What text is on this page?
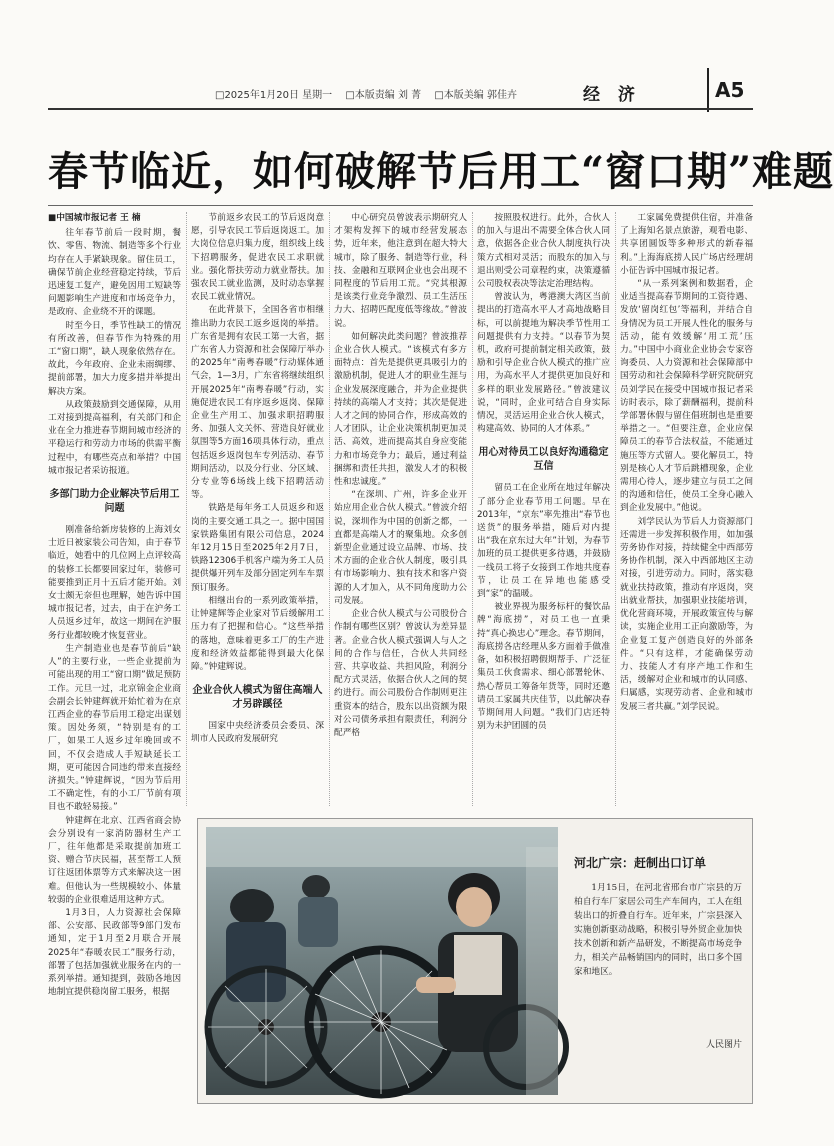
□2025年1月20日 星期一 □本版责编 刘 菁 □本版美编 郭佳卉	经 济	A5
春节临近，如何破解节后用工“窗口期”难题

■中国城市报记者 王 楠

往年春节前后一段时期，餐饮、零售、物流、制造等多个行业均存在人手紧缺现象。留住员工，确保节前企业经营稳定持续，节后迅速复工复产，避免因用工短缺等问题影响生产进度和市场竞争力，是政府、企业绕不开的课题。

时至今日，季节性缺工的情况有所改善，但春节作为特殊的用工“窗口期”，缺人现象依然存在。故此，今年政府、企业未雨绸缪、提前部署，加大力度多措并举提出解决方案。

从政策鼓励到交通保障，从用工对接到提高福利，有关部门和企业在全力推进春节期间城市经济的平稳运行和劳动力市场的供需平衡过程中，有哪些亮点和举措？中国城市报记者采访报道。

多部门助力企业解决节后用工问题

刚准备给新房装修的上海刘女士近日被家装公司告知，由于春节临近，她看中的几位网上点评较高的装修工长都要回家过年，装修可能要推到正月十五后才能开始。刘女士颇无奈但也理解，她告诉中国城市报记者，过去，由于在沪务工人员返乡过年，故这一期间在沪服务行业都较晚才恢复营业。

生产制造业也是春节前后“缺人”的主要行业，一些企业提前为可能出现的用工“窗口期”做足预防工作。元旦一过，北京锦金企业商会副会长钟建辉就开始忙着为在京江西企业的春节后用工稳定出谋划策。因处务须，“特别是有的工厂，如果工人返乡过年晚回或不回，不仅会造成人手短缺延长工期，更可能因合同违约带来直接经济损失。”钟建辉说，“因为节后用工不确定性，有的小工厂节前有项目也不敢轻易接。”

钟建辉在北京、江西省商会协会分别设有一家消防器材生产工厂，往年他都是采取提前加班工资、赠合节庆民福，甚至帮工人预订往返团体票等方式来解决这一困难。但他认为一些规模较小、体量较弱的企业很难适用这种方式。

1月3日，人力资源社会保障部、公安部、民政部等9部门发布通知，定于1月至2月联合开展2025年“春暖农民工”服务行动，部署了包括加强就业服务在内的一系列举措。通知提到，鼓励各地因地制宜提供稳岗留工服务，根据

节前返乡农民工的节后返岗意愿，引导农民工节后返岗返工。加大岗位信息归集力度，组织线上线下招聘服务，促进农民工求职就业。强化帮扶劳动力就业帮扶。加强农民工就业监测，及时动态掌握农民工就业情况。

在此背景下，全国各省市相继推出助力农民工返乡返岗的举措。广东省是拥有农民工第一大省，据广东省人力资源和社会保障厅举办的2025年“南粤春暖”行动媒体通气会，1—3月，广东省将继续组织开展2025年“南粤春暖”行动，实施促进农民工有序返乡返岗、保障企业生产用工、加强求职招聘服务、加强人文关怀、营造良好就业氛围等5方面16项具体行动，重点包括返乡返岗包车专列活动、春节期间活动，以及分行业、分区域、分专业等6场线上线下招聘活动等。

铁路是每年务工人员返乡和返岗的主要交通工具之一。据中国国家铁路集团有限公司信息，2024年12月15日至2025年2月7日，铁路12306手机客户端为务工人员提供爆开列车及部分固定列车车票预订服务。

相继出台的一系列政策举措，让钟建辉等企业家对节后缓解用工压力有了把握和信心。“这些举措的落地，意味着更多工厂的生产进度和经济效益都能得到最大化保障。”钟建辉说。

企业合伙人模式为留住高端人才另辟蹊径

国家中央经济委员会委员、深圳市人民政府发展研究

中心研究员曾波表示期研究人才架构发挥下的城市经营发展态势，近年来，他注意到在超大特大城市，除了服务、制造等行业，科技、金融和互联网企业也会出现不同程度的节后用工荒。“究其根源是该类行业竞争激烈、员工生活压力大、招聘匹配度低等缘故。”曾波说。

如何解决此类问题？曾波推荐企业合伙人模式。“该模式有多方面特点：首先是提供更具吸引力的激励机制，促进人才的职业生涯与企业发展深度融合，并为企业提供持续的高端人才支持；其次是促进人才之间的协同合作，形成高效的人才团队，让企业决策机制更加灵活、高效，进而提高其自身应变能力和市场竞争力；最后，通过利益捆绑和责任共担，激发人才的积极性和忠诚度。”

“在深圳、广州，许多企业开始应用企业合伙人模式。”曾波介绍说，深圳作为中国的创新之都，一直都是高端人才的聚集地。众多创新型企业通过设立品牌、市场、技术方面的企业合伙人制度，吸引具有市场影响力、独有技术和客户资源的人才加入，从不同角度助力公司发展。

企业合伙人模式与公司股份合作制有哪些区别？曾波认为差异显著。企业合伙人模式强调人与人之间的合作与信任，合伙人共同经营、共享收益、共担风险，利润分配方式灵活，依据合伙人之间的契约进行。而公司股份合作制则更注重资本的结合，股东以出资额为限对公司债务承担有限责任，利润分配严格

按照股权进行。此外，合伙人的加入与退出不需要全体合伙人同意，依据各企业合伙人制度执行决策方式相对灵活；而股东的加入与退出则受公司章程约束，决策遵循公司股权表决等法定治理结构。

曾波认为，粤港澳大湾区当前提出的打造高水平人才高地战略目标，可以前提地为解决季节性用工问题提供有力支持。“以春节为契机，政府可提前制定相关政策，鼓励和引导企业合伙人模式的推广应用，为高水平人才提供更加良好和多样的职业发展路径。”曾波建议说，“同时，企业可结合自身实际情况，灵活运用企业合伙人模式，构建高效、协同的人才体系。”

用心对待员工以良好沟通稳定互信

留员工在企业所在地过年解决了部分企业春节用工问题。早在2013年，“京东”率先推出“春节也送货”的服务举措，随后对内提出“我在京东过大年”计划，为春节加班的员工提供更多待遇，并鼓励一线员工将子女接到工作地共度春节，让员工在异地也能感受到“家”的温暖。

被业界视为服务标杆的餐饮品牌“海底捞”，对员工也一直秉持“真心换忠心”理念。春节期间，海底捞各店经理从多方面着手做准备，如积极招聘假期帮手、广泛征集员工伙食需求、细心部署轮休、热心帮员工筹备年货等，同时还邀请员工家属共庆佳节，以此解决春节期间用人问题。“我们门店还特别为未护团圆的员

工家属免费提供住宿，并准备了上海知名景点旅游，观看电影、共享团圆饭等多种形式的新春福利。”上海海底捞人民广场店经理胡小征告诉中国城市报记者。

“从一系列案例和数据看，企业适当提高春节期间的工资待遇、发放‘留岗红包’等福利，并结合自身情况为员工开展人性化的服务与活动，能有效缓解‘用工荒’压力。”中国中小商业企业协会专家咨询委员、人力资源和社会保障部中国劳动和社会保障科学研究院研究员刘学民在接受中国城市报记者采访时表示，除了薪酬福利，提前科学部署休假与留住倡班制也是重要举措之一。“但要注意，企业应保障员工的春节合法权益，不能通过施压等方式留人。要化解员工，特别是核心人才节后跳槽现象，企业需用心待人，逐步建立与员工之间的沟通和信任，使员工全身心融入到企业发展中。”他说。

刘学民认为节后人力资源部门还需进一步发挥积极作用，如加强劳务协作对接，持续健全中西部劳务协作机制，深入中西部地区主动对接，引进劳动力。同时，落实稳就业扶持政策，推动有序返岗，突出就业帮扶，加强职业技能培训，优化营商环境，开展政策宣传与解读，实施企业用工正向激励等，为企业复工复产创造良好的外部条件。“只有这样，才能确保劳动力、技能人才有序产地工作和生活，缓解对企业和城市的认同感、归属感，实现劳动者、企业和城市发展三者共赢。”刘学民说。

河北广宗：赶制出口订单
1月15日，在河北省邢台市广宗县的万柏自行车厂家居公司生产车间内，工人在组装出口的折叠自行车。近年来，广宗县深入实施创新驱动战略，积极引导外贸企业加快技术创新和新产品研发，不断提高市场竞争力，相关产品畅销国内的同时，出口多个国家和地区。
人民图片
